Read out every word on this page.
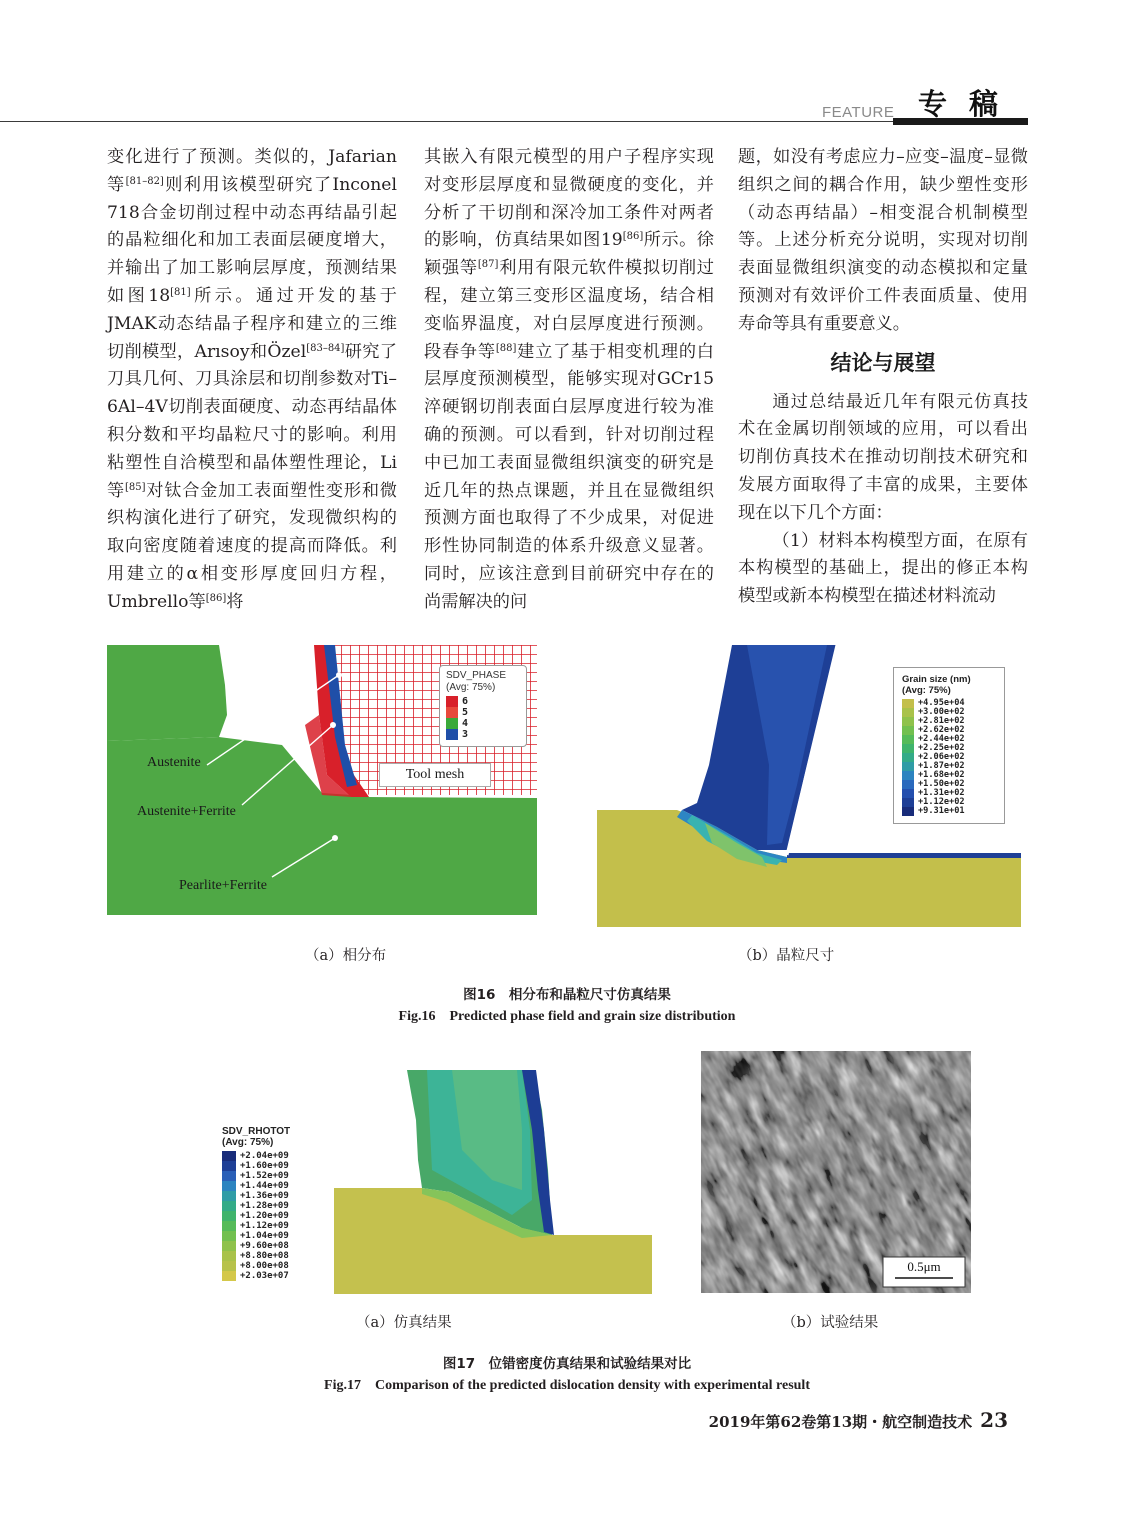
FEATURE 专稿

变化进行了预测。类似的，Jafarian等[81–82]则利用该模型研究了Inconel 718合金切削过程中动态再结晶引起的晶粒细化和加工表面层硬度增大，并输出了加工影响层厚度，预测结果如图18[81]所示。通过开发的基于JMAK动态结晶子程序和建立的三维切削模型，Arısoy和Özel[83–84]研究了刀具几何、刀具涂层和切削参数对Ti–6Al–4V切削表面硬度、动态再结晶体积分数和平均晶粒尺寸的影响。利用粘塑性自洽模型和晶体塑性理论，Li等[85]对钛合金加工表面塑性变形和微织构演化进行了研究，发现微织构的取向密度随着速度的提高而降低。利用建立的α相变形厚度回归方程，Umbrello等[86]将

其嵌入有限元模型的用户子程序实现对变形层厚度和显微硬度的变化，并分析了干切削和深冷加工条件对两者的影响，仿真结果如图19[86]所示。徐颖强等[87]利用有限元软件模拟切削过程，建立第三变形区温度场，结合相变临界温度，对白层厚度进行预测。段春争等[88]建立了基于相变机理的白层厚度预测模型，能够实现对GCr15淬硬钢切削表面白层厚度进行较为准确的预测。可以看到，针对切削过程中已加工表面显微组织演变的研究是近几年的热点课题，并且在显微组织预测方面也取得了不少成果，对促进形性协同制造的体系升级意义显著。同时，应该注意到目前研究中存在的尚需解决的问

题，如没有考虑应力–应变–温度–显微组织之间的耦合作用，缺少塑性变形（动态再结晶）–相变混合机制模型等。上述分析充分说明，实现对切削表面显微组织演变的动态模拟和定量预测对有效评价工件表面质量、使用寿命等具有重要意义。

结论与展望

通过总结最近几年有限元仿真技术在金属切削领域的应用，可以看出切削仿真技术在推动切削技术研究和发展方面取得了丰富的成果，主要体现在以下几个方面：

（1）材料本构模型方面，在原有本构模型的基础上，提出的修正本构模型或新本构模型在描述材料流动

Austenite
Austenite+Ferrite
Pearlite+Ferrite
Tool mesh
SDV_PHASE
(Avg: 75%)
6
5
4
3
（a）相分布
Grain size (nm)
(Avg: 75%)
+4.95e+04
+3.00e+02
+2.81e+02
+2.62e+02
+2.44e+02
+2.25e+02
+2.06e+02
+1.87e+02
+1.68e+02
+1.50e+02
+1.31e+02
+1.12e+02
+9.31e+01
（b）晶粒尺寸
图16　相分布和晶粒尺寸仿真结果
Fig.16　Predicted phase field and grain size distribution
SDV_RHOTOT
(Avg: 75%)
+2.04e+09
+1.60e+09
+1.52e+09
+1.44e+09
+1.36e+09
+1.28e+09
+1.20e+09
+1.12e+09
+1.04e+09
+9.60e+08
+8.80e+08
+8.00e+08
+2.03e+07
（a）仿真结果
0.5μm
（b）试验结果
图17　位错密度仿真结果和试验结果对比
Fig.17　Comparison of the predicted dislocation density with experimental result
2019年第62卷第13期・航空制造技术 23
